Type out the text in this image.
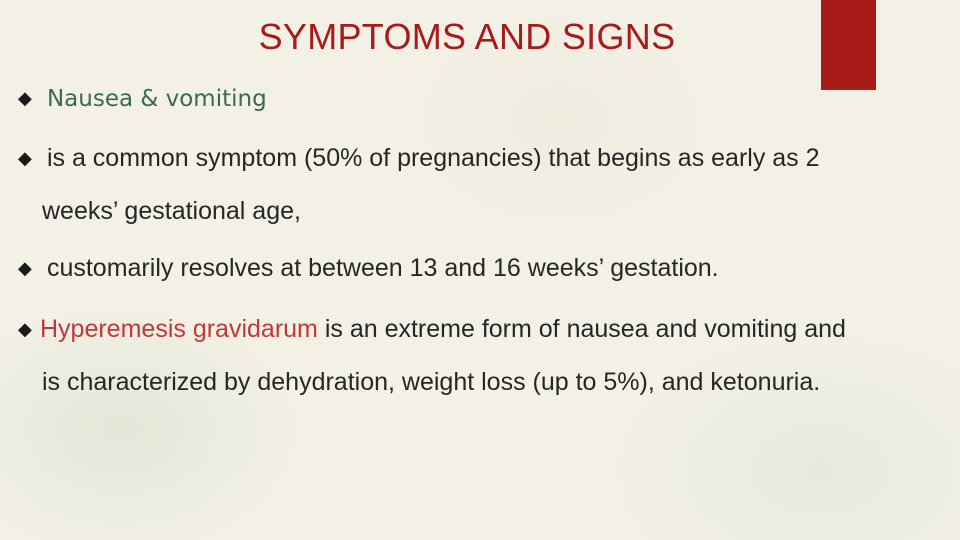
SYMPTOMS AND SIGNS
◆ Nausea & vomiting
◆ is a common symptom (50% of pregnancies) that begins as early as 2
weeks’ gestational age,
◆ customarily resolves at between 13 and 16 weeks’ gestation.
◆ Hyperemesis gravidarum is an extreme form of nausea and vomiting and
is characterized by dehydration, weight loss (up to 5%), and ketonuria.
